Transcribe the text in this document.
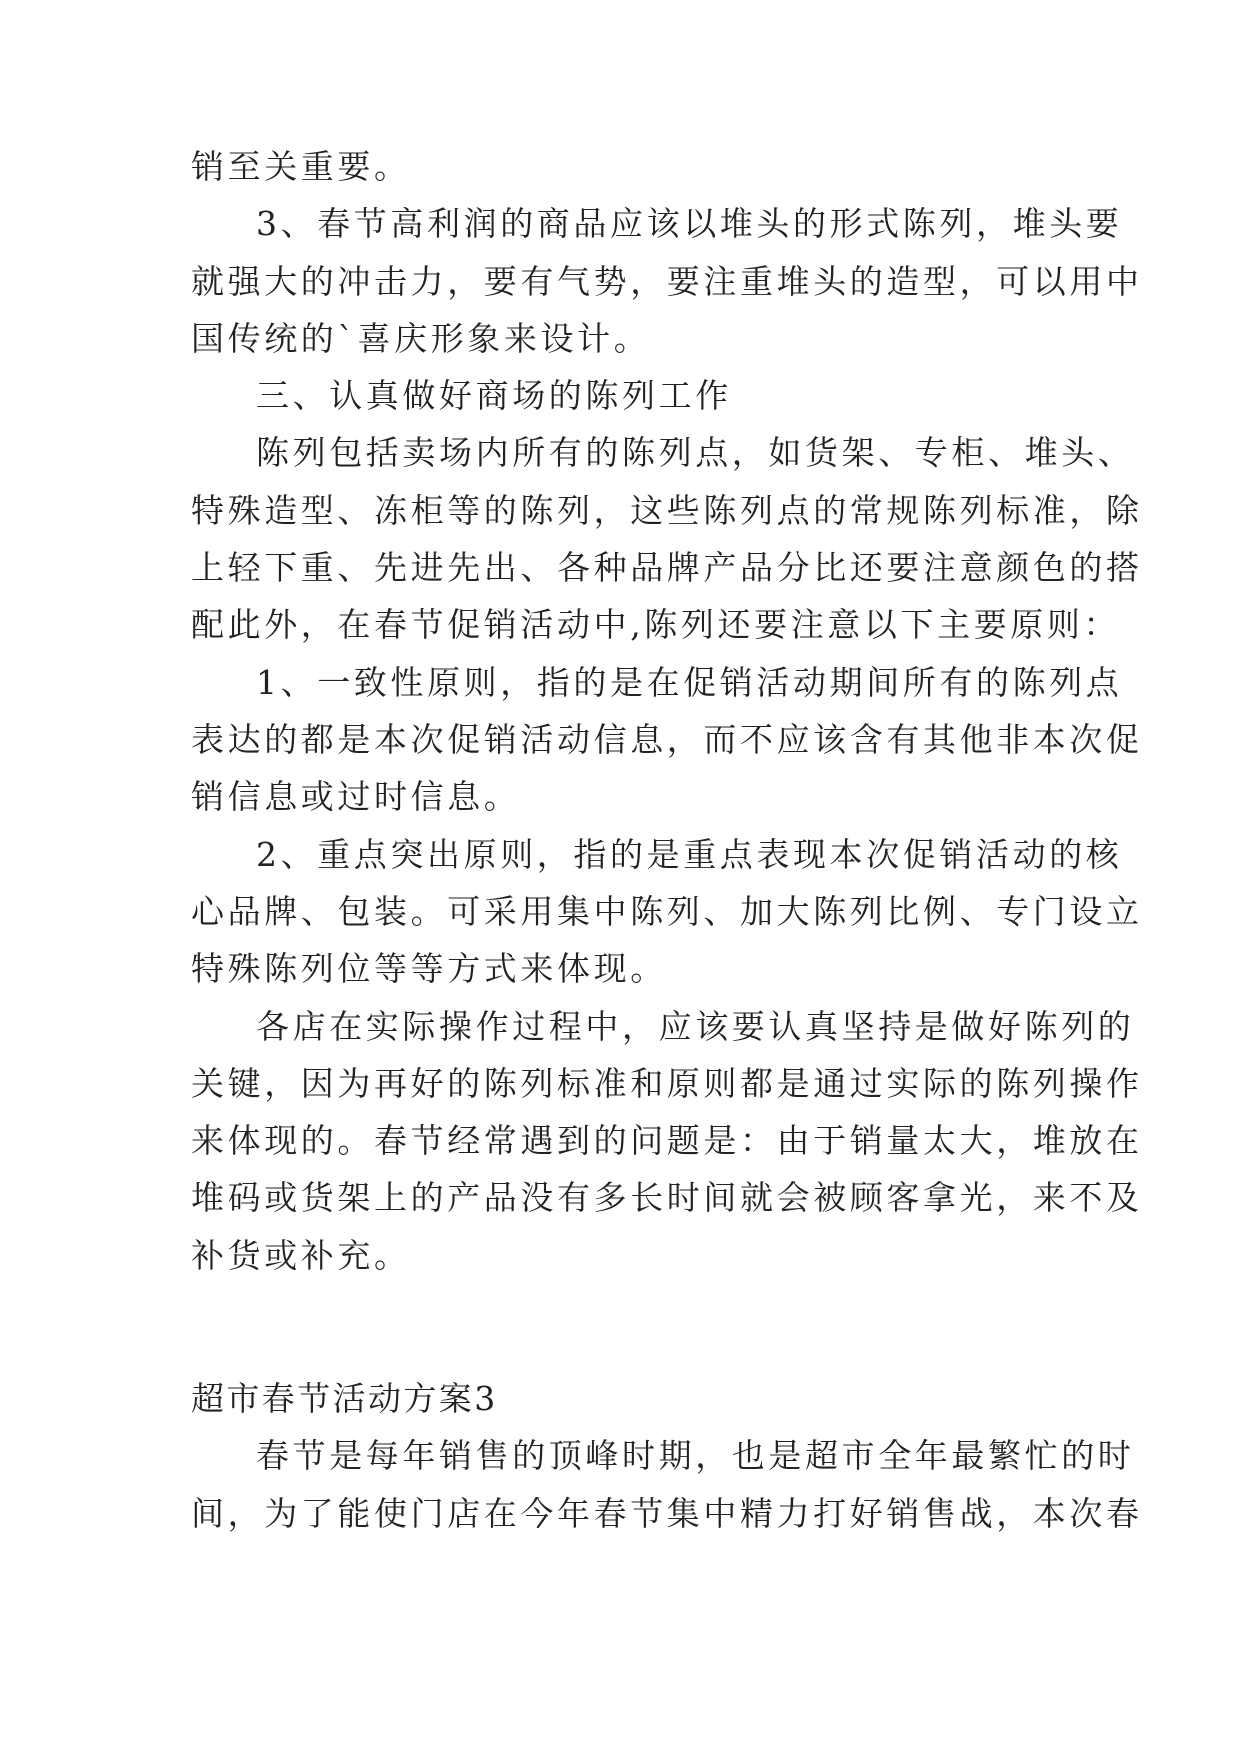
销至关重要。
3、春节高利润的商品应该以堆头的形式陈列，堆头要
就强大的冲击力，要有气势，要注重堆头的造型，可以用中
国传统的`喜庆形象来设计。
三、认真做好商场的陈列工作
陈列包括卖场内所有的陈列点，如货架、专柜、堆头、
特殊造型、冻柜等的陈列，这些陈列点的常规陈列标准，除
上轻下重、先进先出、各种品牌产品分比还要注意颜色的搭
配此外，在春节促销活动中,陈列还要注意以下主要原则：
1、一致性原则，指的是在促销活动期间所有的陈列点
表达的都是本次促销活动信息，而不应该含有其他非本次促
销信息或过时信息。
2、重点突出原则，指的是重点表现本次促销活动的核
心品牌、包装。可采用集中陈列、加大陈列比例、专门设立
特殊陈列位等等方式来体现。
各店在实际操作过程中，应该要认真坚持是做好陈列的
关键，因为再好的陈列标准和原则都是通过实际的陈列操作
来体现的。春节经常遇到的问题是：由于销量太大，堆放在
堆码或货架上的产品没有多长时间就会被顾客拿光，来不及
补货或补充。
超市春节活动方案3
春节是每年销售的顶峰时期，也是超市全年最繁忙的时
间，为了能使门店在今年春节集中精力打好销售战，本次春
